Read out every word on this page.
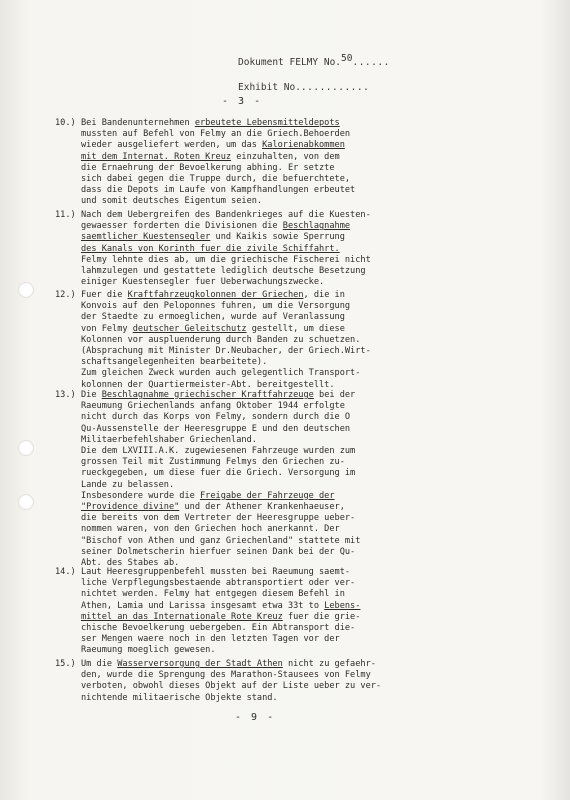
Dokument FELMY No.50......
Exhibit No............
- 3 -
10.) Bei Bandenunternehmen erbeutete Lebensmitteldepots
mussten auf Befehl von Felmy an die Griech.Behoerden
wieder ausgeliefert werden, um das Kalorienabkommen
mit dem Internat. Roten Kreuz einzuhalten, von dem
die Ernaehrung der Bevoelkerung abhing. Er setzte
sich dabei gegen die Truppe durch, die befuerchtete,
dass die Depots im Laufe von Kampfhandlungen erbeutet
und somit deutsches Eigentum seien.
11.) Nach dem Uebergreifen des Bandenkrieges auf die Kuesten-
gewaesser forderten die Divisionen die Beschlagnahme
saemtlicher Kuestensegler und Kaikis sowie Sperrung
des Kanals von Korinth fuer die zivile Schiffahrt.
Felmy lehnte dies ab, um die griechische Fischerei nicht
lahmzulegen und gestattete lediglich deutsche Besetzung
einiger Kuestensegler fuer Ueberwachungszwecke.
12.) Fuer die Kraftfahrzeugkolonnen der Griechen, die in
Konvois auf den Peloponnes fuhren, um die Versorgung
der Staedte zu ermoeglichen, wurde auf Veranlassung
von Felmy deutscher Geleitschutz gestellt, um diese
Kolonnen vor auspluenderung durch Banden zu schuetzen.
(Absprachung mit Minister Dr.Neubacher, der Griech.Wirt-
schaftsangelegenheiten bearbeitete).
Zum gleichen Zweck wurden auch gelegentlich Transport-
kolonnen der Quartiermeister-Abt. bereitgestellt.
13.) Die Beschlagnahme griechischer Kraftfahrzeuge bei der
Raeumung Griechenlands anfang Oktober 1944 erfolgte
nicht durch das Korps von Felmy, sondern durch die O
Qu-Aussenstelle der Heeresgruppe E und den deutschen
Militaerbefehlshaber Griechenland.
Die dem LXVIII.A.K. zugewiesenen Fahrzeuge wurden zum
grossen Teil mit Zustimmung Felmys den Griechen zu-
rueckgegeben, um diese fuer die Griech. Versorgung im
Lande zu belassen.
Insbesondere wurde die Freigabe der Fahrzeuge der
"Providence divine" und der Athener Krankenhaeuser,
die bereits von dem Vertreter der Heeresgruppe ueber-
nommen waren, von den Griechen hoch anerkannt. Der
"Bischof von Athen und ganz Griechenland" stattete mit
seiner Dolmetscherin hierfuer seinen Dank bei der Qu-
Abt. des Stabes ab.
14.) Laut Heeresgruppenbefehl mussten bei Raeumung saemt-
liche Verpflegungsbestaende abtransportiert oder ver-
nichtet werden. Felmy hat entgegen diesem Befehl in
Athen, Lamia und Larissa insgesamt etwa 33t to Lebens-
mittel an das Internationale Rote Kreuz fuer die grie-
chische Bevoelkerung uebergeben. Ein Abtransport die-
ser Mengen waere noch in den letzten Tagen vor der
Raeumung moeglich gewesen.
15.) Um die Wasserversorgung der Stadt Athen nicht zu gefaehr-
den, wurde die Sprengung des Marathon-Stausees von Felmy
verboten, obwohl dieses Objekt auf der Liste ueber zu ver-
nichtende militaerische Objekte stand.
- 9 -
